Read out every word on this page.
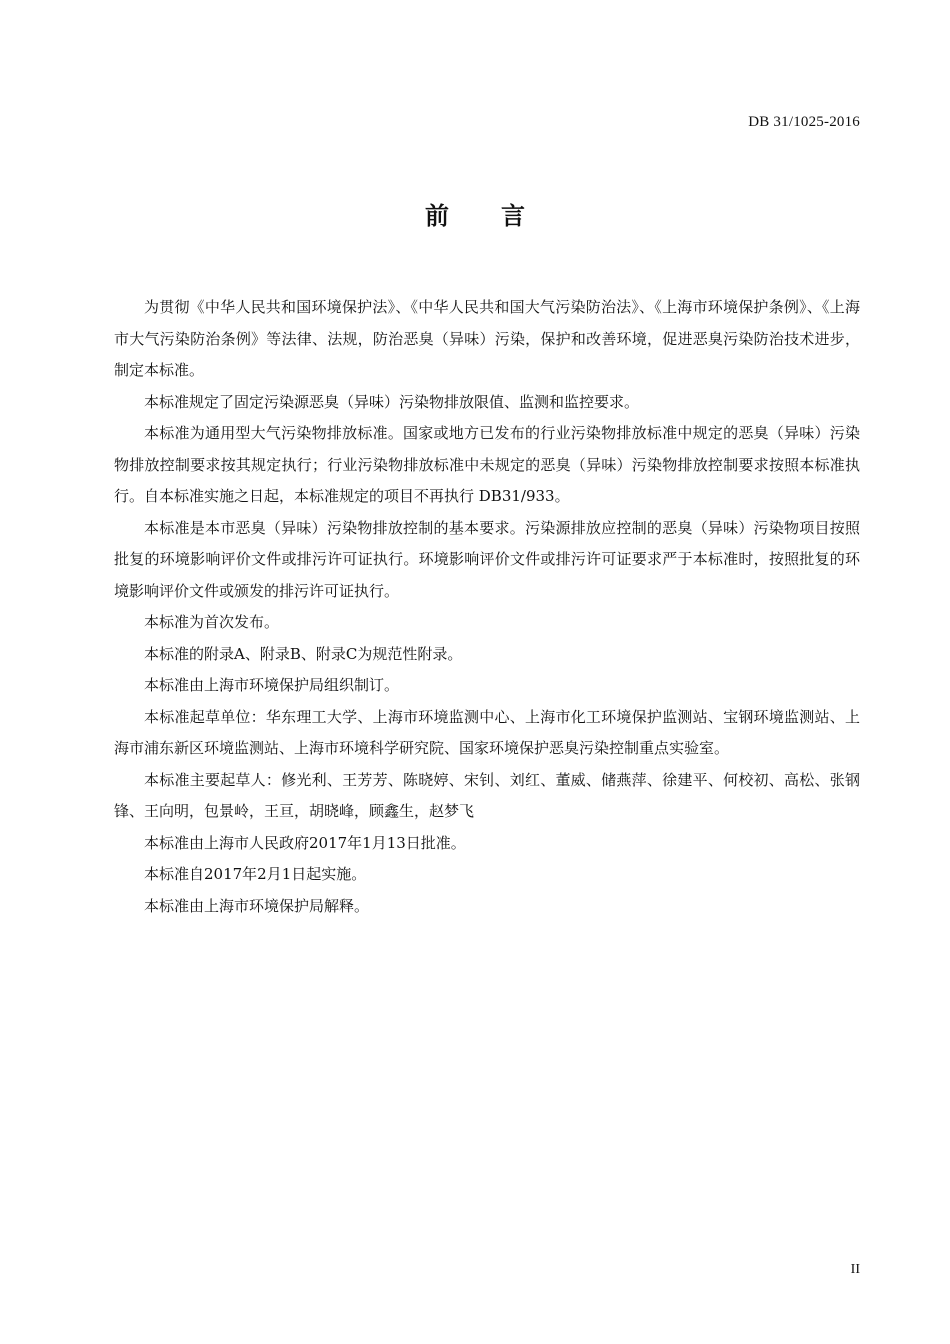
DB 31/1025-2016
前 言

为贯彻《中华人民共和国环境保护法》、《中华人民共和国大气污染防治法》、《上海市环境保护条例》、《上海市大气污染防治条例》等法律、法规，防治恶臭（异味）污染，保护和改善环境，促进恶臭污染防治技术进步，制定本标准。

本标准规定了固定污染源恶臭（异味）污染物排放限值、监测和监控要求。

本标准为通用型大气污染物排放标准。国家或地方已发布的行业污染物排放标准中规定的恶臭（异味）污染物排放控制要求按其规定执行；行业污染物排放标准中未规定的恶臭（异味）污染物排放控制要求按照本标准执行。自本标准实施之日起，本标准规定的项目不再执行 DB31/933。

本标准是本市恶臭（异味）污染物排放控制的基本要求。污染源排放应控制的恶臭（异味）污染物项目按照批复的环境影响评价文件或排污许可证执行。环境影响评价文件或排污许可证要求严于本标准时，按照批复的环境影响评价文件或颁发的排污许可证执行。

本标准为首次发布。

本标准的附录A、附录B、附录C为规范性附录。

本标准由上海市环境保护局组织制订。

本标准起草单位：华东理工大学、上海市环境监测中心、上海市化工环境保护监测站、宝钢环境监测站、上海市浦东新区环境监测站、上海市环境科学研究院、国家环境保护恶臭污染控制重点实验室。

本标准主要起草人：修光利、王芳芳、陈晓婷、宋钊、刘红、董威、储燕萍、徐建平、何校初、高松、张钢锋、王向明，包景岭，王亘，胡晓峰，顾鑫生，赵梦飞

本标准由上海市人民政府2017年1月13日批准。

本标准自2017年2月1日起实施。

本标准由上海市环境保护局解释。

II
